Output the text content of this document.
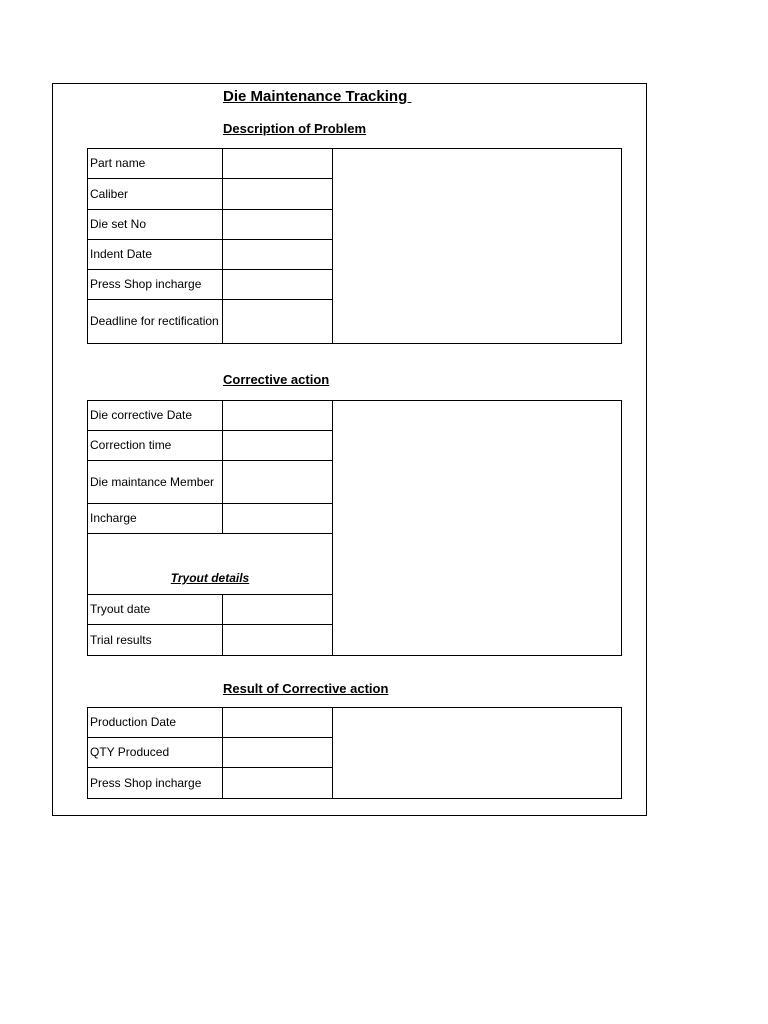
Die Maintenance Tracking
Description of Problem
Part name
Caliber
Die set No
Indent Date
Press Shop incharge
Deadline for rectification
Corrective action
Die corrective Date
Correction time
Die maintance Member
Incharge
Tryout details
Tryout date
Trial results
Result of Corrective action
Production Date
QTY Produced
Press Shop incharge
